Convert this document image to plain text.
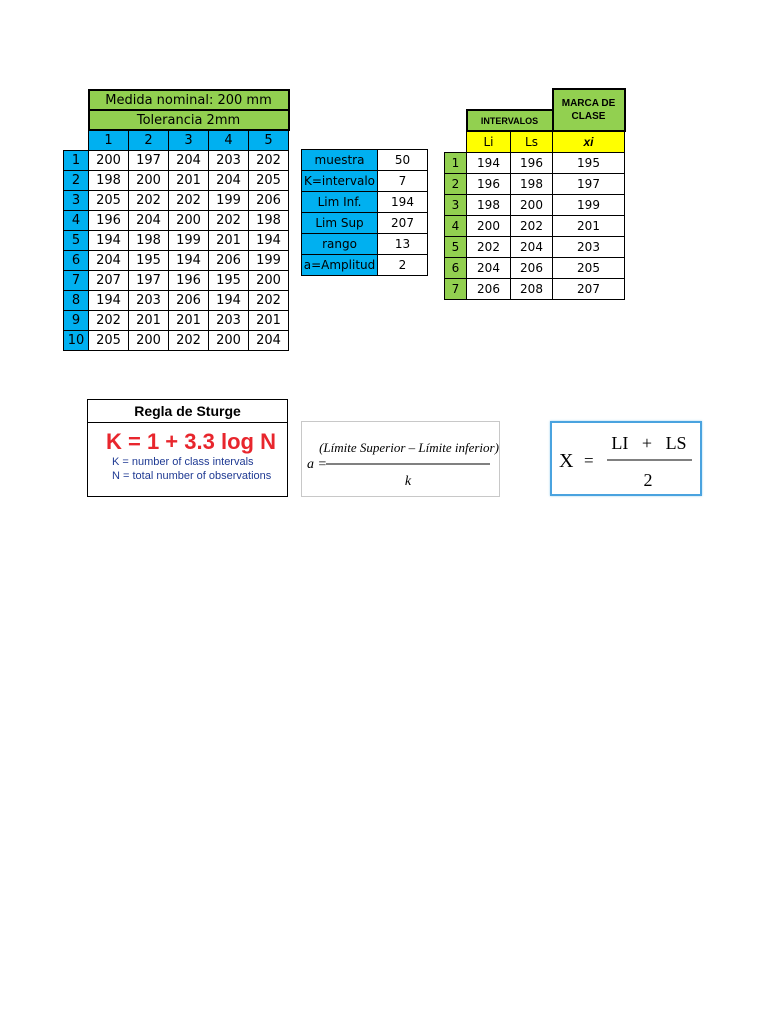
	Medida nominal: 200 mm				
	Tolerancia 2mm				
	1	2	3	4	5
1	200	197	204	203	202
2	198	200	201	204	205
3	205	202	202	199	206
4	196	204	200	202	198
5	194	198	199	201	194
6	204	195	194	206	199
7	207	197	196	195	200
8	194	203	206	194	202
9	202	201	201	203	201
10	205	200	202	200	204
muestra	50
K=intervalo	7
Lim Inf.	194
Lim Sup	207
rango	13
a=Amplitud	2
			MARCA DE CLASE
	INTERVALOS		
	Li	Ls	xi
1	194	196	195
2	196	198	197
3	198	200	199
4	200	202	201
5	202	204	203
6	204	206	205
7	206	208	207
Regla de Sturge
K = 1 + 3.3 log N
K = number of class intervals
N = total number of observations
a =
(Límite Superior – Límite inferior)
k
X =
LI   +   LS
2
